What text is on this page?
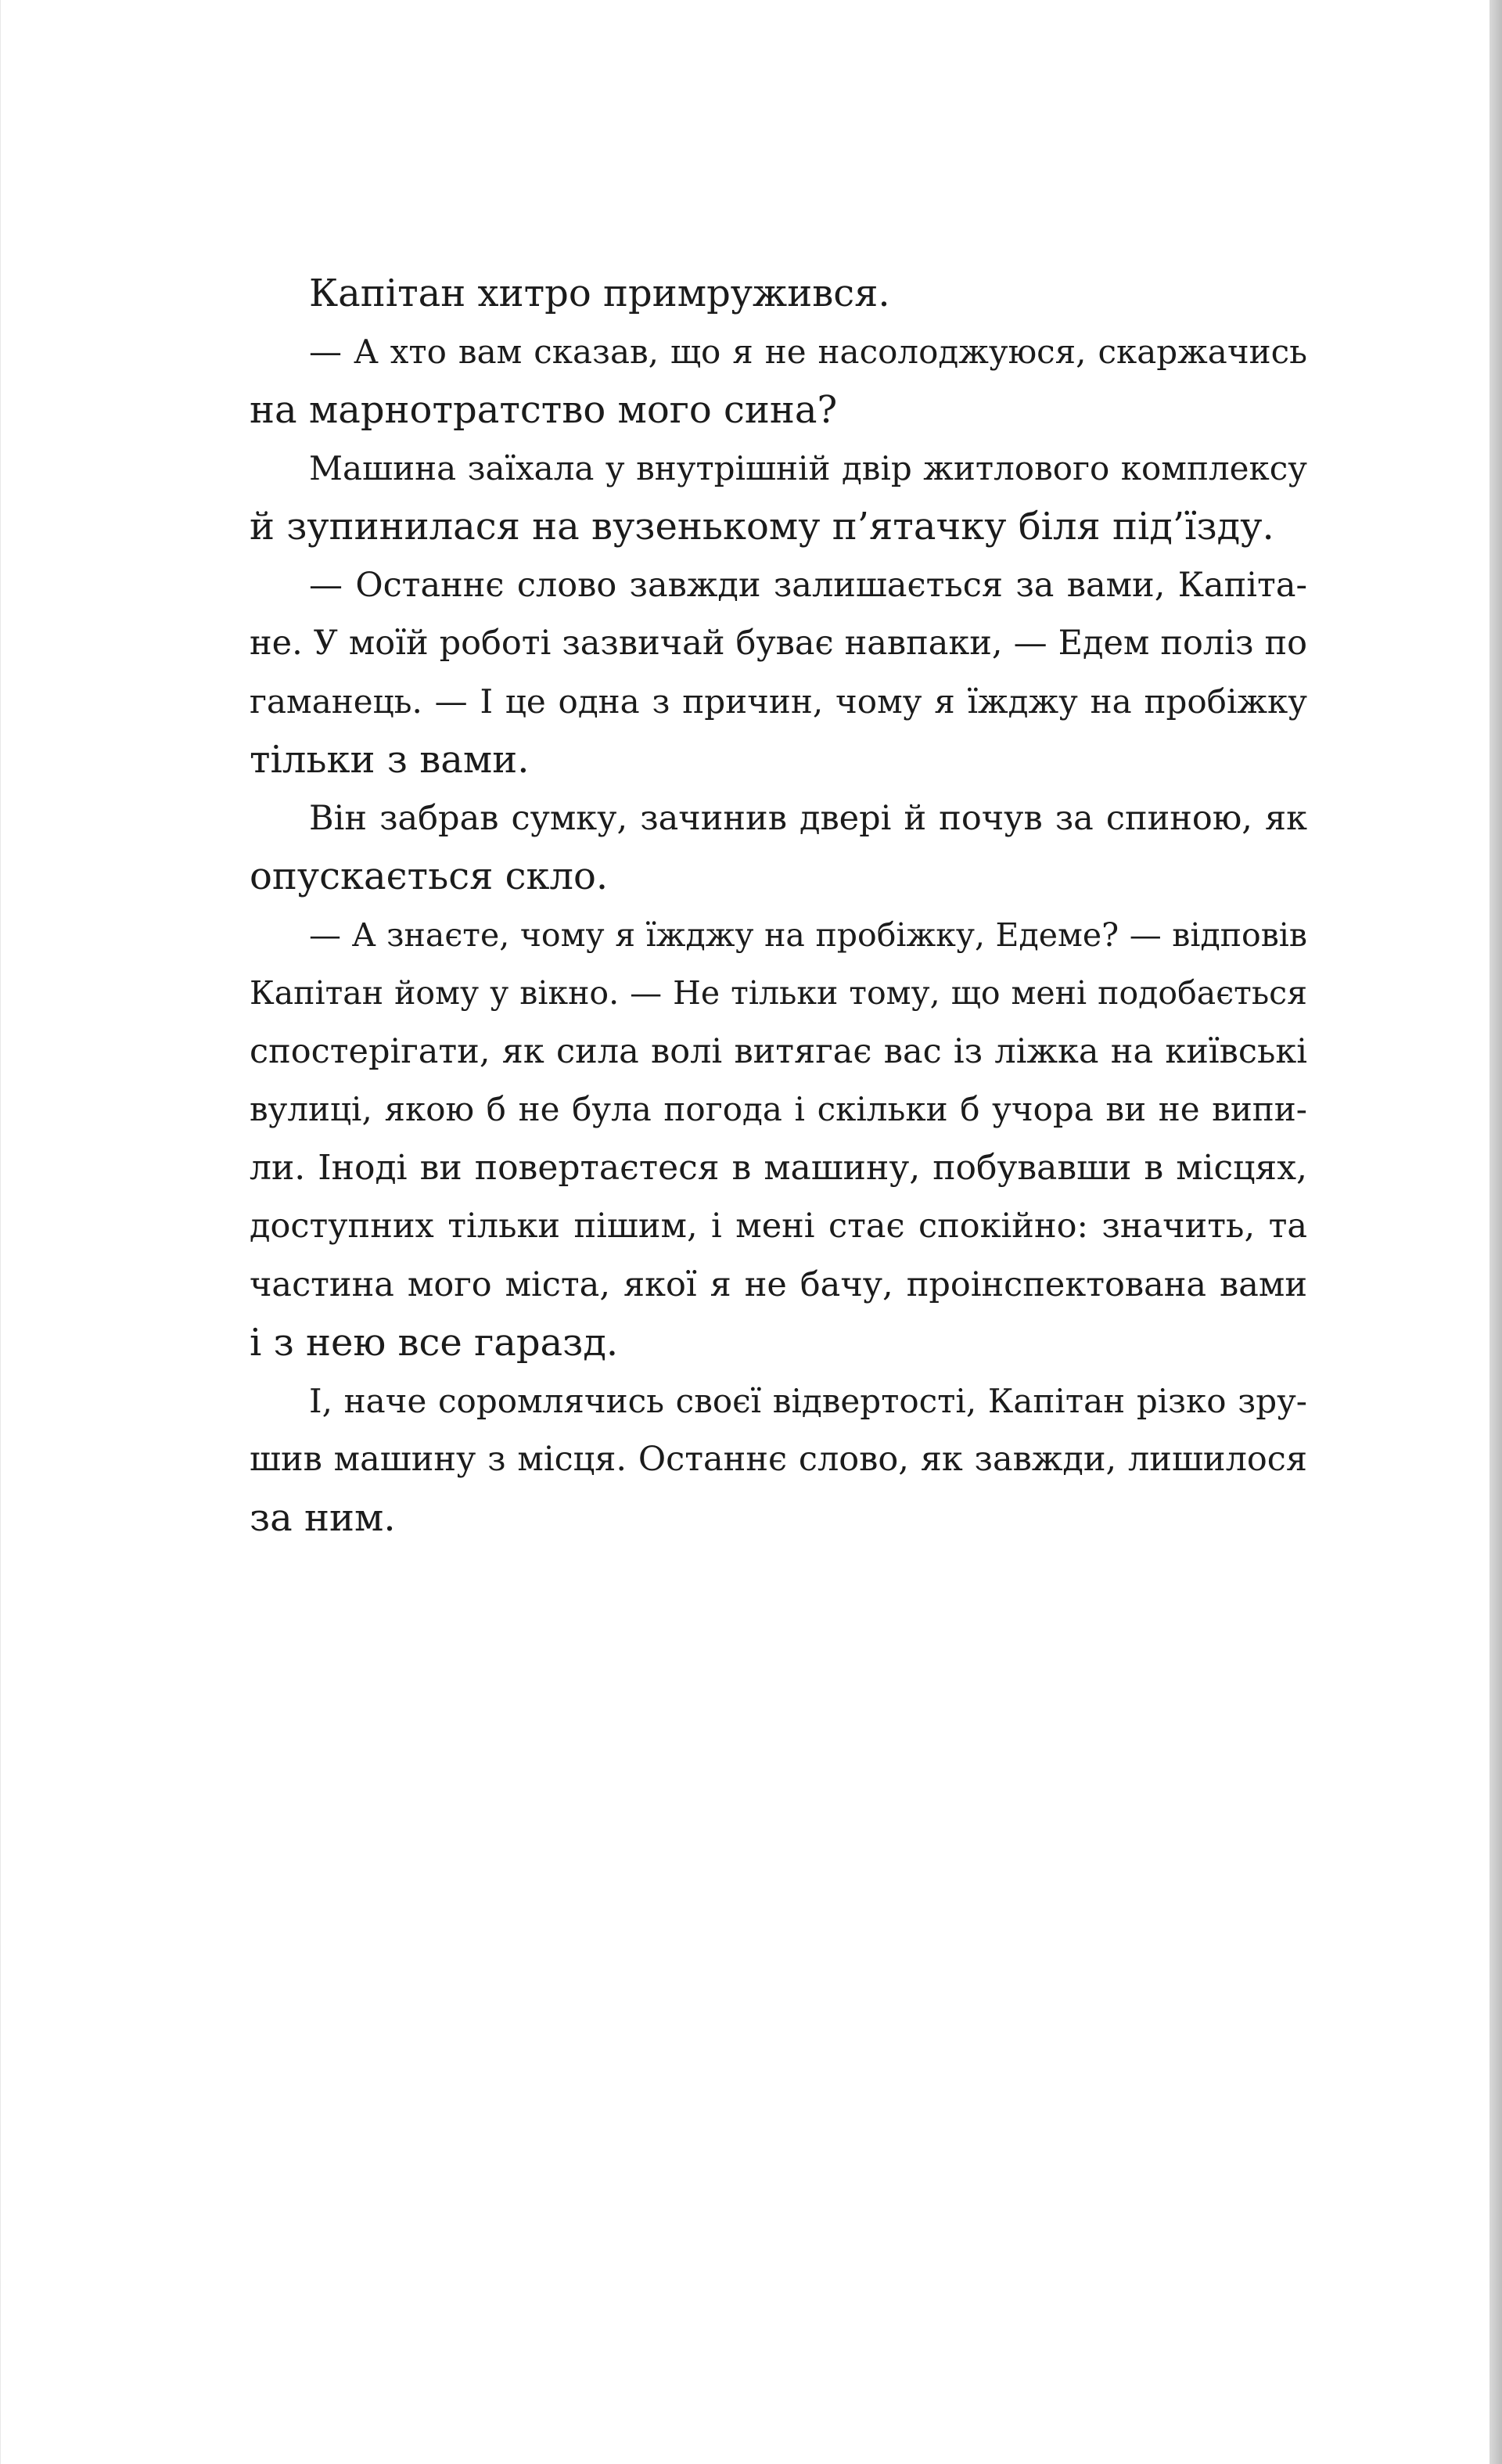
Капітан хитро примружився.
— А хто вам сказав, що я не насолоджуюся, скаржачись
на марнотратство мого сина?
Машина заїхала у внутрішній двір житлового комплексу
й зупинилася на вузенькому п’ятачку біля під’їзду.
— Останнє слово завжди залишається за вами, Капіта-
не. У моїй роботі зазвичай буває навпаки, — Едем поліз по
гаманець. — І це одна з причин, чому я їжджу на пробіжку
тільки з вами.
Він забрав сумку, зачинив двері й почув за спиною, як
опускається скло.
— А знаєте, чому я їжджу на пробіжку, Едеме? — відповів
Капітан йому у вікно. — Не тільки тому, що мені подобається
спостерігати, як сила волі витягає вас із ліжка на київські
вулиці, якою б не була погода і скільки б учора ви не випи-
ли. Іноді ви повертаєтеся в машину, побувавши в місцях,
доступних тільки пішим, і мені стає спокійно: значить, та
частина мого міста, якої я не бачу, проінспектована вами
і з нею все гаразд.
І, наче соромлячись своєї відвертості, Капітан різко зру-
шив машину з місця. Останнє слово, як завжди, лишилося
за ним.
